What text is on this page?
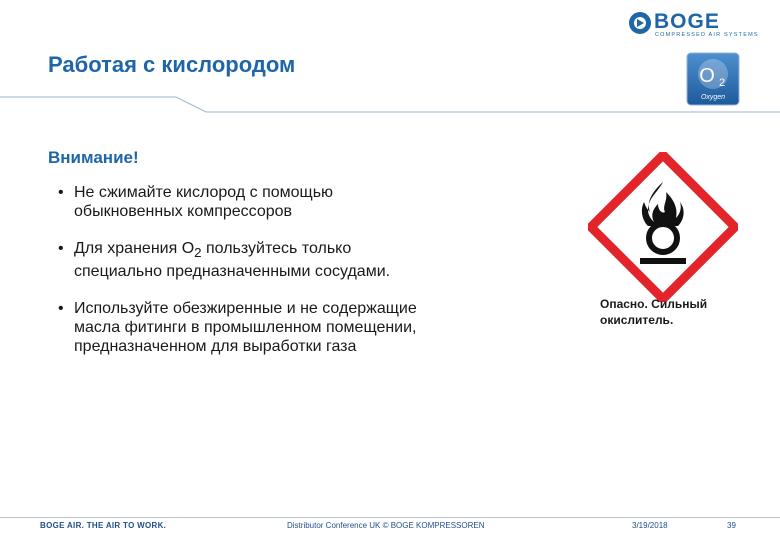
BOGE
COMPRESSED AIR SYSTEMS
Работая с кислородом	O 2
Oxygen
Внимание!
• Не сжимайте кислород с помощью обыкновенных компрессоров
• Для хранения $O_2$ пользуйтесь только специально предназначенными сосудами.
• Используйте обезжиренные и не содержащие масла фитинги в промышленном помещении, предназначенном для выработки газа
Опасно. Сильный окислитель.
BOGE AIR. THE AIR TO WORK.	Distributor Conference UK © BOGE KOMPRESSOREN	3/19/2018	39
